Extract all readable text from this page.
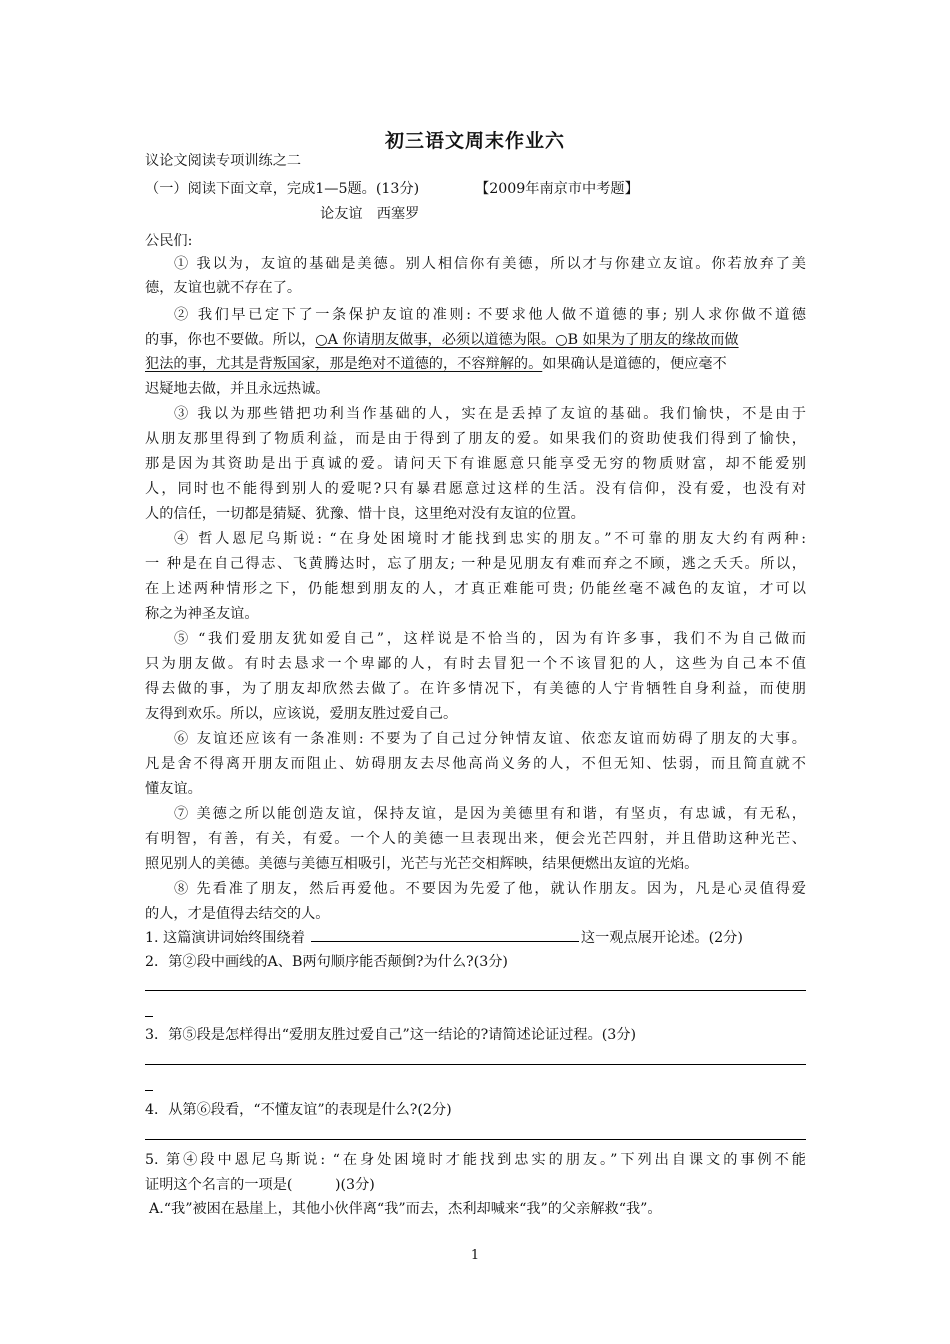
初三语文周末作业六
议论文阅读专项训练之二
（一）阅读下面文章，完成1—5题。(13分)	【2009年南京市中考题】
论友谊　西塞罗
公民们:
① 我以为，友谊的基础是美德。别人相信你有美德，所以才与你建立友谊。你若放弃了美
德，友谊也就不存在了。
② 我们早已定下了一条保护友谊的准则: 不要求他人做不道德的事; 别人求你做不道德
的事，你也不要做。所以，○A 你请朋友做事，必须以道德为限。○B 如果为了朋友的缘故而做
犯法的事，尤其是背叛国家，那是绝对不道德的，不容辩解的。如果确认是道德的，便应毫不
迟疑地去做，并且永远热诚。
③ 我以为那些错把功利当作基础的人，实在是丢掉了友谊的基础。我们愉快，不是由于
从朋友那里得到了物质利益，而是由于得到了朋友的爱。如果我们的资助使我们得到了愉快，
那是因为其资助是出于真诚的爱。请问天下有谁愿意只能享受无穷的物质财富，却不能爱别
人，同时也不能得到别人的爱呢?只有暴君愿意过这样的生活。没有信仰，没有爱，也没有对
人的信任，一切都是猜疑、犹豫、惜十良，这里绝对没有友谊的位置。
④ 哲人恩尼乌斯说: “在身处困境时才能找到忠实的朋友。”不可靠的朋友大约有两种:
一 种是在自己得志、飞黄腾达时，忘了朋友; 一种是见朋友有难而弃之不顾，逃之夭夭。所以，
在上述两种情形之下，仍能想到朋友的人，才真正难能可贵; 仍能丝毫不减色的友谊，才可以
称之为神圣友谊。
⑤ “我们爱朋友犹如爱自己”，这样说是不恰当的，因为有许多事，我们不为自己做而
只为朋友做。有时去恳求一个卑鄙的人，有时去冒犯一个不该冒犯的人，这些为自己本不值
得去做的事，为了朋友却欣然去做了。在许多情况下，有美德的人宁肯牺牲自身利益，而使朋
友得到欢乐。所以，应该说，爱朋友胜过爱自己。
⑥ 友谊还应该有一条准则: 不要为了自己过分钟情友谊、依恋友谊而妨碍了朋友的大事。
凡是舍不得离开朋友而阻止、妨碍朋友去尽他高尚义务的人，不但无知、怯弱，而且简直就不
懂友谊。
⑦ 美德之所以能创造友谊，保持友谊，是因为美德里有和谐，有坚贞，有忠诚，有无私，
有明智，有善，有关，有爱。一个人的美德一旦表现出来，便会光芒四射，并且借助这种光芒、
照见别人的美德。美德与美德互相吸引，光芒与光芒交相辉映，结果便燃出友谊的光焰。
⑧ 先看准了朋友，然后再爱他。不要因为先爱了他，就认作朋友。因为，凡是心灵值得爱
的人，才是值得去结交的人。
1. 这篇演讲词始终围绕着	这一观点展开论述。(2分)
2．第②段中画线的A、B两句顺序能否颠倒?为什么?(3分)
3．第⑤段是怎样得出“爱朋友胜过爱自己”这一结论的?请简述论证过程。(3分)
4．从第⑥段看，“不懂友谊”的表现是什么?(2分)
5. 第④段中恩尼乌斯说: “在身处困境时才能找到忠实的朋友。”下列出自课文的事例不能
证明这个名言的一项是(　　　)(3分)
A.“我”被困在悬崖上，其他小伙伴离“我”而去，杰利却喊来“我”的父亲解救“我”。
1
